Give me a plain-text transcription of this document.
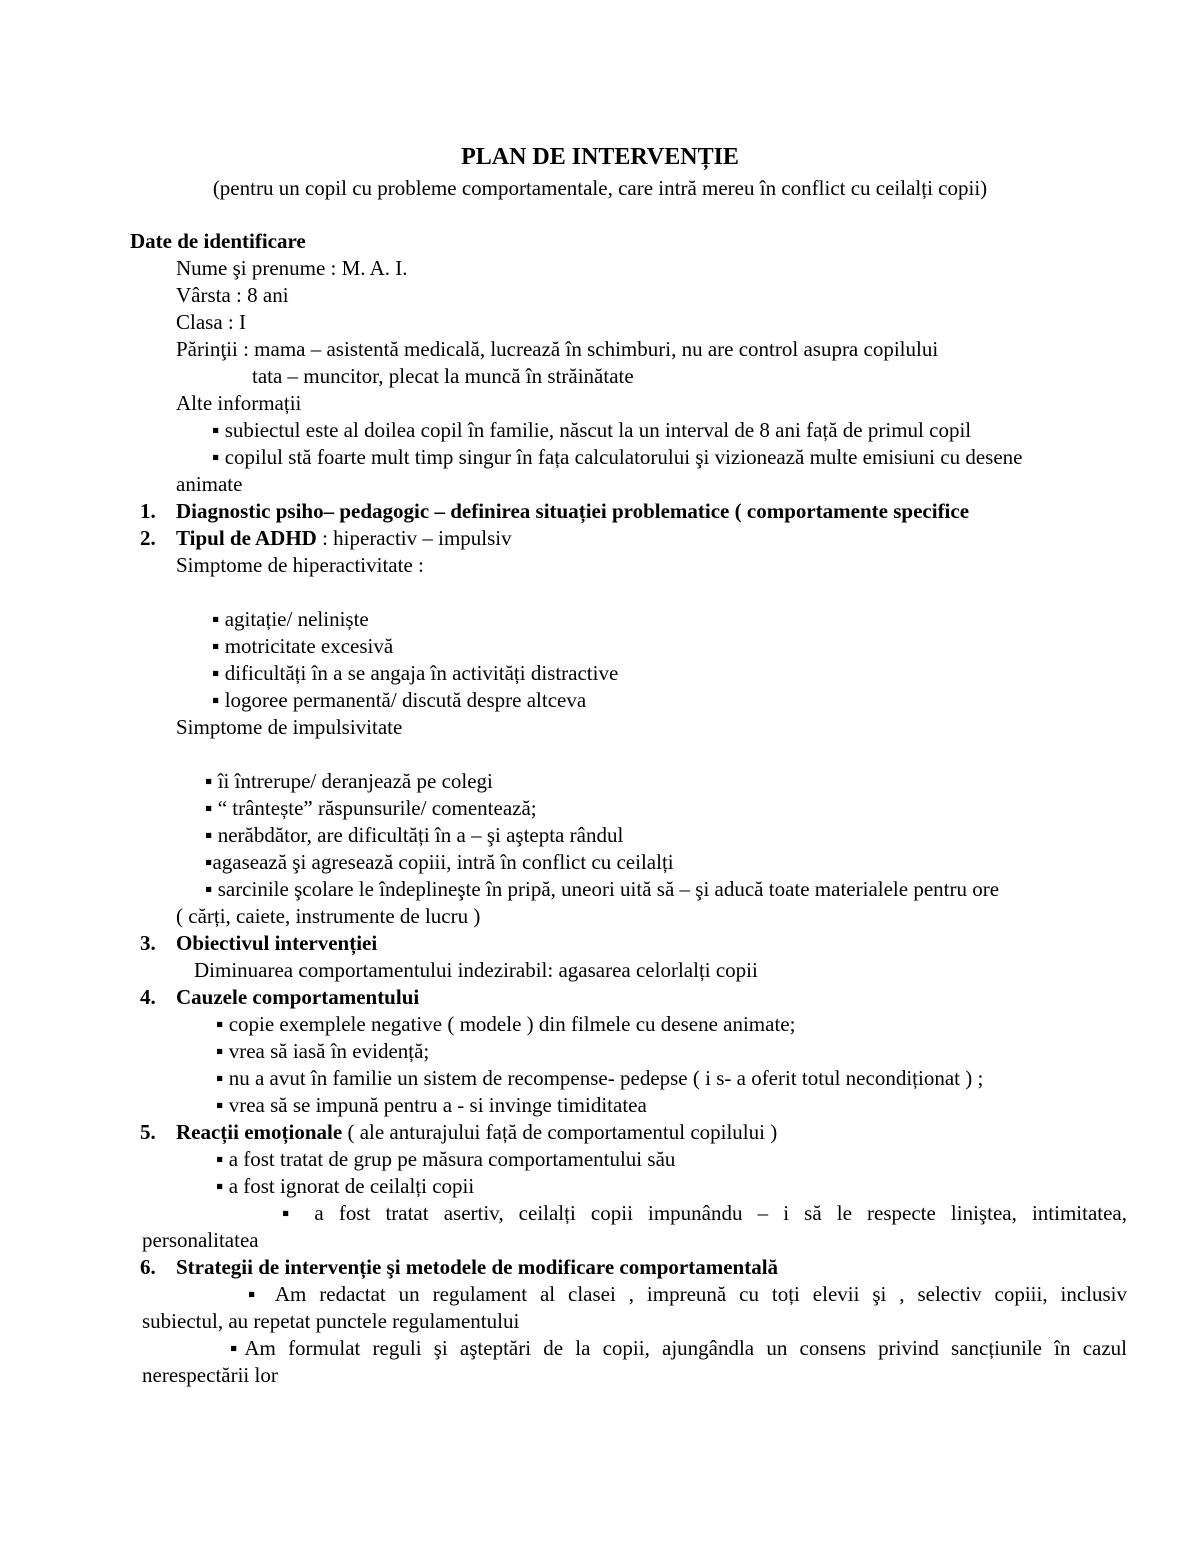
PLAN DE INTERVENȚIE
(pentru un copil cu probleme comportamentale, care intră mereu în conflict cu ceilalți copii)
Date de identificare
Nume şi prenume : M. A. I.
Vârsta : 8 ani
Clasa : I
Părinţii : mama – asistentă medicală, lucrează în schimburi, nu are control asupra copilului
tata – muncitor, plecat la muncă în străinătate
Alte informații
▪ subiectul este al doilea copil în familie, născut la un interval de 8 ani față de primul copil
▪ copilul stă foarte mult timp singur în fața calculatorului şi vizionează multe emisiuni cu desene
animate
1. Diagnostic psiho– pedagogic – definirea situației problematice ( comportamente specifice
2. Tipul de ADHD : hiperactiv – impulsiv
Simptome de hiperactivitate :
▪ agitație/ neliniște
▪ motricitate excesivă
▪ dificultăți în a se angaja în activități distractive
▪ logoree permanentă/ discută despre altceva
Simptome de impulsivitate
▪ îi întrerupe/ deranjează pe colegi
▪ “ trântește” răspunsurile/ comentează;
▪ nerăbdător, are dificultăți în a – şi aştepta rândul
▪agasează şi agresează copiii, intră în conflict cu ceilalți
▪ sarcinile şcolare le îndeplineşte în pripă, uneori uită să – şi aducă toate materialele pentru ore
( cărți, caiete, instrumente de lucru )
3. Obiectivul intervenției
Diminuarea comportamentului indezirabil: agasarea celorlalți copii
4. Cauzele comportamentului
▪ copie exemplele negative ( modele ) din filmele cu desene animate;
▪ vrea să iasă în evidență;
▪ nu a avut în familie un sistem de recompense- pedepse ( i s- a oferit totul necondiționat ) ;
▪ vrea să se impună pentru a - si invinge timiditatea
5. Reacții emoționale ( ale anturajului față de comportamentul copilului )
▪ a fost tratat de grup pe măsura comportamentului său
▪ a fost ignorat de ceilalți copii
▪ a fost tratat asertiv, ceilalți copii impunându – i să le respecte liniştea, intimitatea,
personalitatea
6. Strategii de intervenție şi metodele de modificare comportamentală
▪ Am redactat un regulament al clasei , impreună cu toți elevii şi , selectiv copiii, inclusiv
subiectul, au repetat punctele regulamentului
▪Am formulat reguli şi aşteptări de la copii, ajungândla un consens privind sancțiunile în cazul
nerespectării lor
